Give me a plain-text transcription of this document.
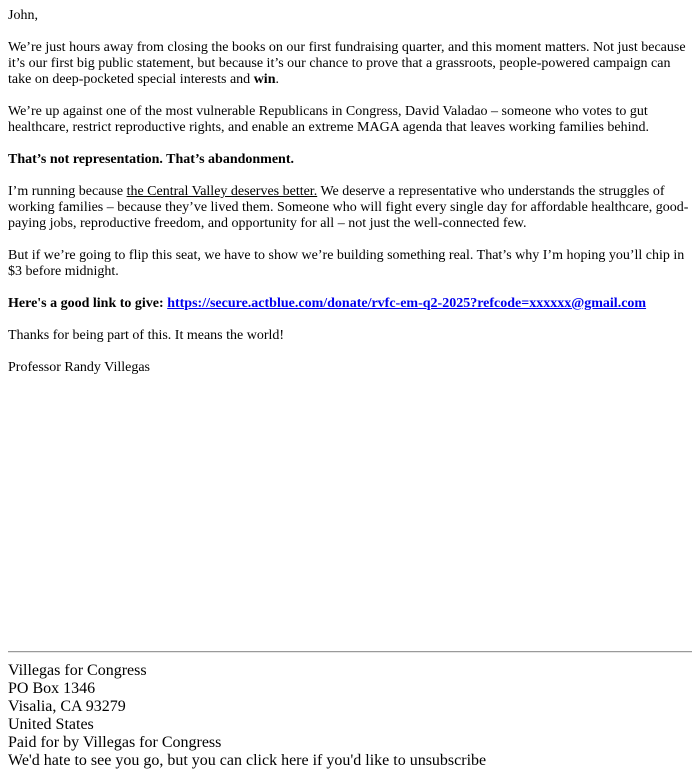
John,

We’re just hours away from closing the books on our first fundraising quarter, and this moment matters. Not just because it’s our first big public statement, but because it’s our chance to prove that a grassroots, people-powered campaign can take on deep-pocketed special interests and win.

We’re up against one of the most vulnerable Republicans in Congress, David Valadao – someone who votes to gut healthcare, restrict reproductive rights, and enable an extreme MAGA agenda that leaves working families behind.

That’s not representation. That’s abandonment.

I’m running because the Central Valley deserves better. We deserve a representative who understands the struggles of working families – because they’ve lived them. Someone who will fight every single day for affordable healthcare, good-paying jobs, reproductive freedom, and opportunity for all – not just the well-connected few.

But if we’re going to flip this seat, we have to show we’re building something real. That’s why I’m hoping you’ll chip in $3 before midnight.

Here's a good link to give: https://secure.actblue.com/donate/rvfc-em-q2-2025?refcode=xxxxxx@gmail.com

Thanks for being part of this. It means the world!

Professor Randy Villegas

Villegas for Congress
PO Box 1346
Visalia, CA 93279
United States
Paid for by Villegas for Congress
We'd hate to see you go, but you can click here if you'd like to unsubscribe
